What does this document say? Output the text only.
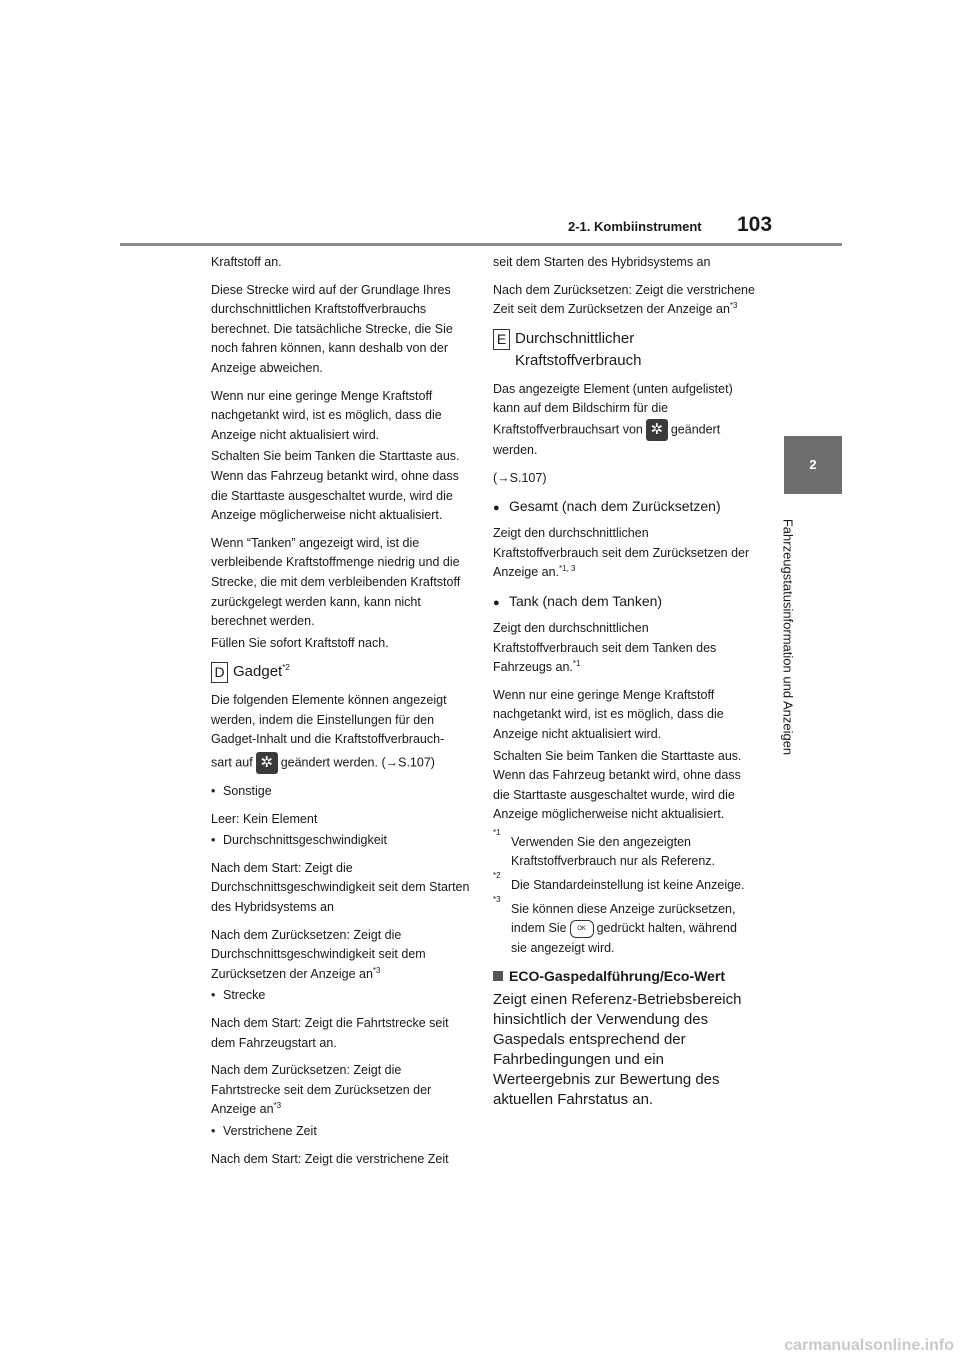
2-1. Kombiinstrument 103
2
Fahrzeugstatusinformation und Anzeigen

Kraftstoff an.

Diese Strecke wird auf der Grundlage Ihres durchschnittlichen Kraftstoffverbrauchs berechnet. Die tatsächliche Strecke, die Sie noch fahren können, kann deshalb von der Anzeige abweichen.

Wenn nur eine geringe Menge Kraftstoff nachgetankt wird, ist es möglich, dass die Anzeige nicht aktualisiert wird.

Schalten Sie beim Tanken die Starttaste aus. Wenn das Fahrzeug betankt wird, ohne dass die Starttaste ausgeschaltet wurde, wird die Anzeige möglicherweise nicht aktualisiert.

Wenn “Tanken” angezeigt wird, ist die verbleibende Kraftstoffmenge niedrig und die Strecke, die mit dem verbleibenden Kraftstoff zurückgelegt werden kann, kann nicht berechnet werden.

Füllen Sie sofort Kraftstoff nach.

D Gadget$^{*2}$

Die folgenden Elemente können angezeigt werden, indem die Einstellungen für den Gadget-Inhalt und die Kraftstoffverbrauch-

sart auf ✲ geändert werden. (→S.107)

• Sonstige

Leer: Kein Element

• Durchschnittsgeschwindigkeit

Nach dem Start: Zeigt die Durchschnittsgeschwindigkeit seit dem Starten des Hybridsystems an

Nach dem Zurücksetzen: Zeigt die Durchschnittsgeschwindigkeit seit dem Zurücksetzen der Anzeige $an^{*3}$

• Strecke

Nach dem Start: Zeigt die Fahrtstrecke seit dem Fahrzeugstart an.

Nach dem Zurücksetzen: Zeigt die Fahrtstrecke seit dem Zurücksetzen der Anzeige $an^{*3}$

• Verstrichene Zeit

Nach dem Start: Zeigt die verstrichene Zeit

seit dem Starten des Hybridsystems an

Nach dem Zurücksetzen: Zeigt die verstrichene Zeit seit dem Zurücksetzen der Anzeige $an^{*3}$

E Durchschnittlicher Kraftstoffverbrauch

Das angezeigte Element (unten aufgelistet) kann auf dem Bildschirm für die Kraftstoffverbrauchsart von ✲ geändert werden.

(→S.107)

● Gesamt (nach dem Zurücksetzen)

Zeigt den durchschnittlichen Kraftstoffverbrauch seit dem Zurücksetzen der Anzeige an.$^{*1, 3}$

● Tank (nach dem Tanken)

Zeigt den durchschnittlichen Kraftstoffverbrauch seit dem Tanken des Fahrzeugs an.$^{*1}$

Wenn nur eine geringe Menge Kraftstoff nachgetankt wird, ist es möglich, dass die Anzeige nicht aktualisiert wird.

Schalten Sie beim Tanken die Starttaste aus. Wenn das Fahrzeug betankt wird, ohne dass die Starttaste ausgeschaltet wurde, wird die Anzeige möglicherweise nicht aktualisiert.

*1
Verwenden Sie den angezeigten Kraftstoffverbrauch nur als Referenz.
*2
Die Standardeinstellung ist keine Anzeige.
*3
Sie können diese Anzeige zurücksetzen, indem Sie OK gedrückt halten, während sie angezeigt wird.
ECO-Gaspedalführung/Eco-Wert

Zeigt einen Referenz-Betriebsbereich hinsichtlich der Verwendung des Gaspedals entsprechend der Fahrbedingungen und ein Werteergebnis zur Bewertung des aktuellen Fahrstatus an.

carmanualsonline.info
